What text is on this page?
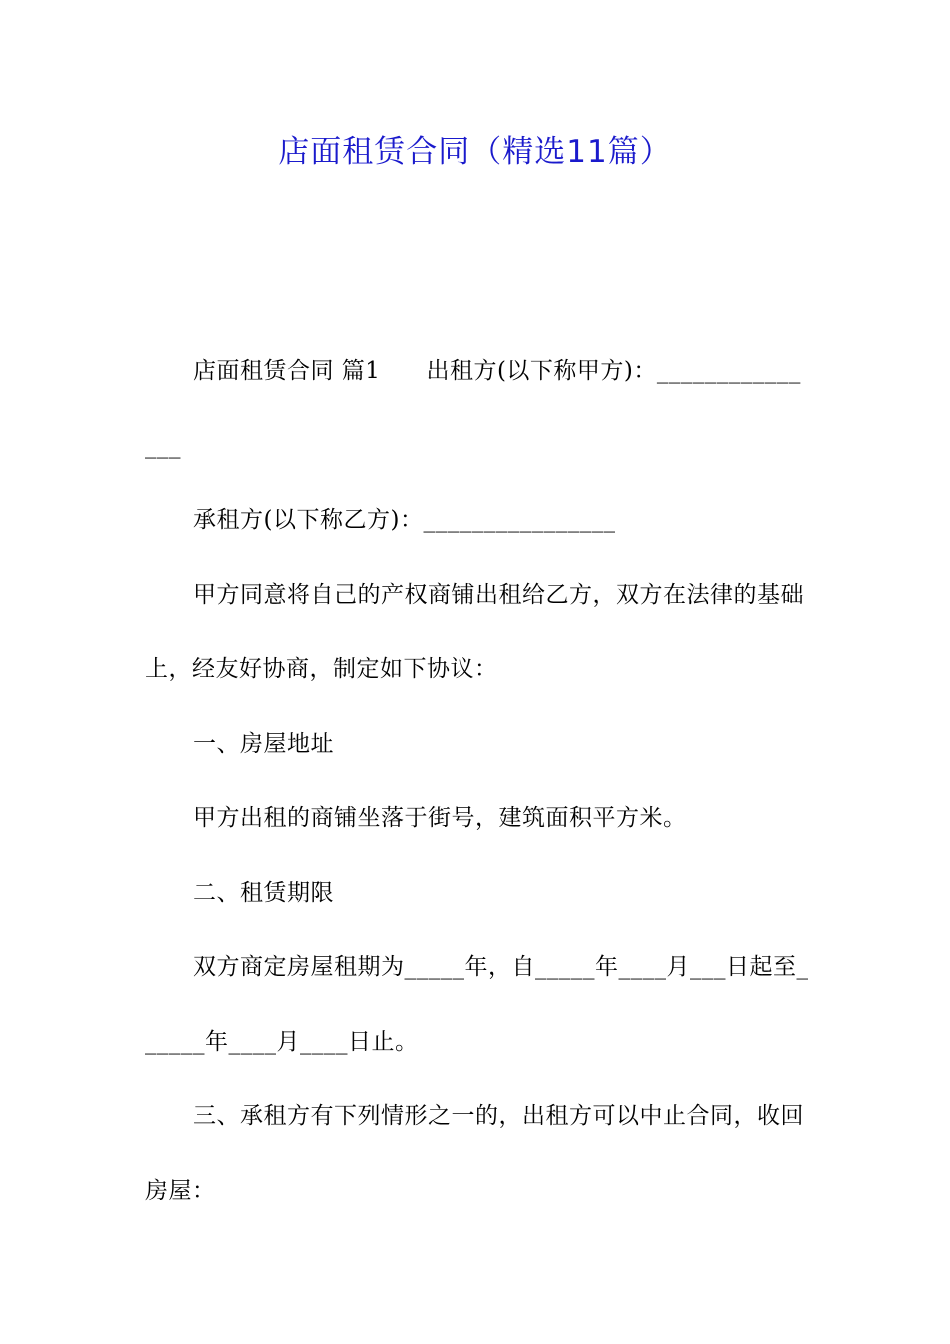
店面租赁合同（精选11篇）

店面租赁合同 篇1 出租方(以下称甲方)：_______________

承租方(以下称乙方)：________________

甲方同意将自己的产权商铺出租给乙方，双方在法律的基础上，经友好协商，制定如下协议：

一、房屋地址

甲方出租的商铺坐落于街号，建筑面积平方米。

二、租赁期限

双方商定房屋租期为_____年，自_____年____月___日起至______年____月____日止。

三、承租方有下列情形之一的，出租方可以中止合同，收回房屋：
